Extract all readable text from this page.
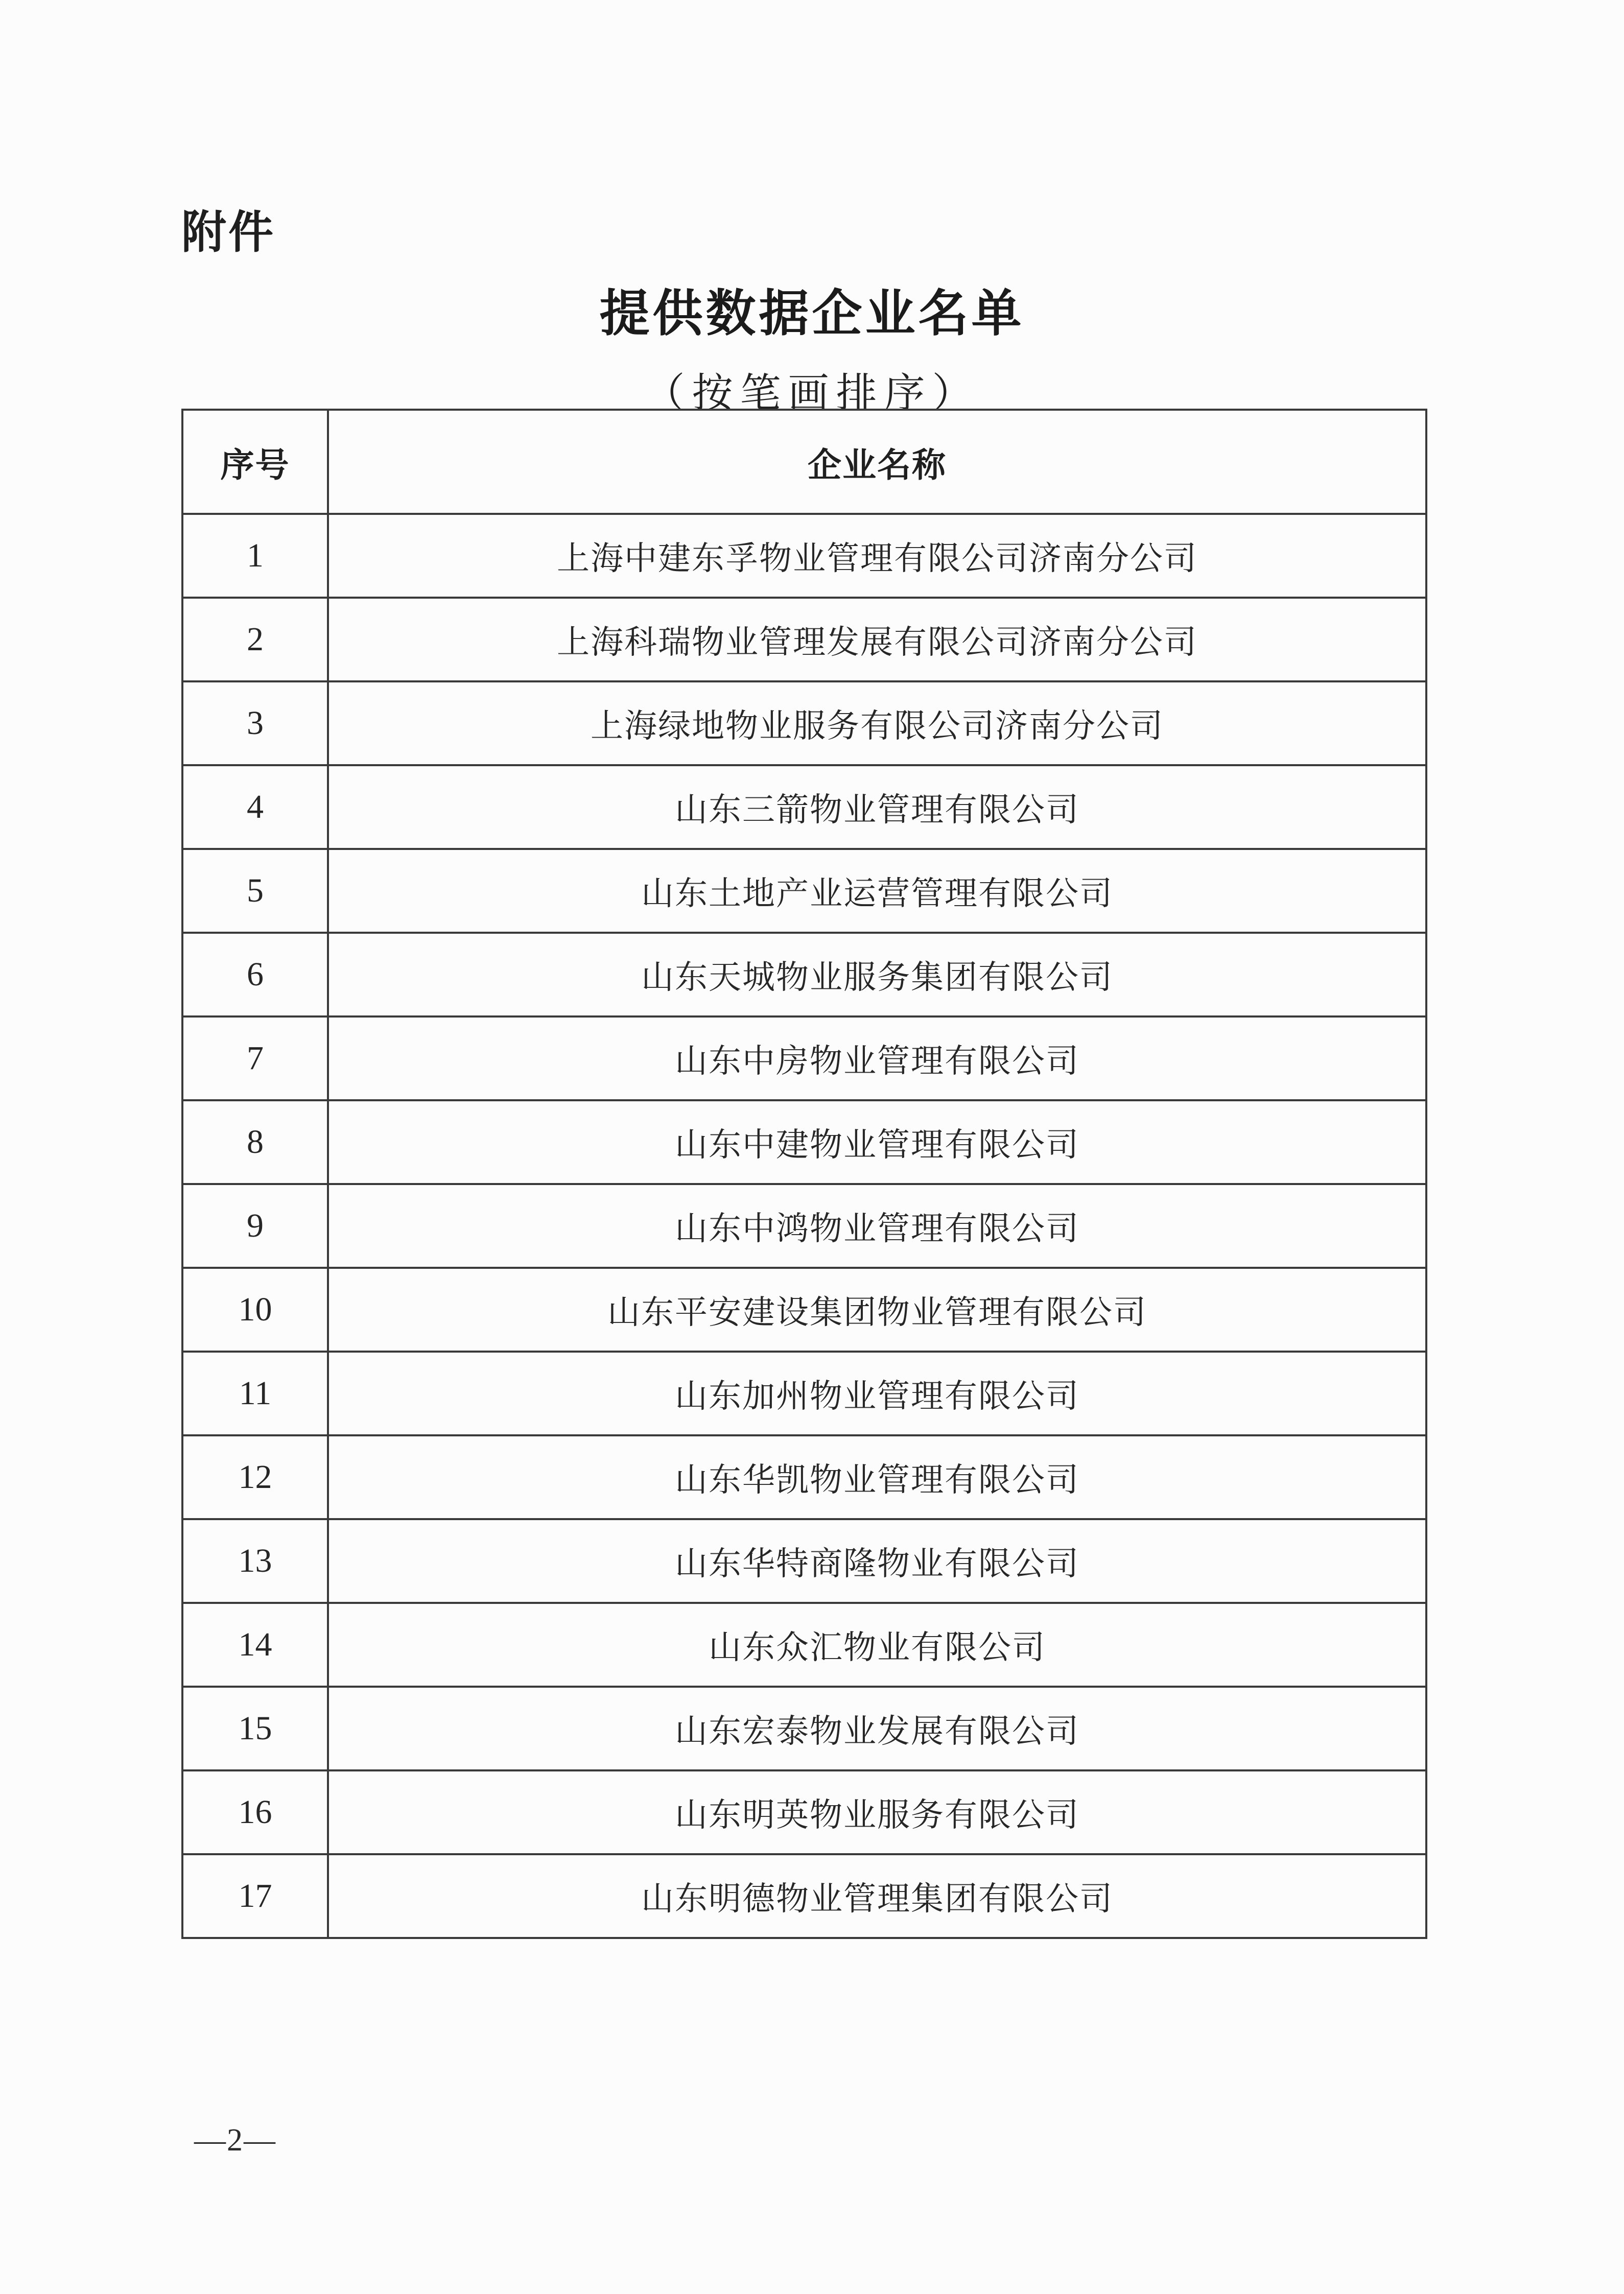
附件
提供数据企业名单
（按笔画排序）
序号	企业名称
1	上海中建东孚物业管理有限公司济南分公司
2	上海科瑞物业管理发展有限公司济南分公司
3	上海绿地物业服务有限公司济南分公司
4	山东三箭物业管理有限公司
5	山东土地产业运营管理有限公司
6	山东天城物业服务集团有限公司
7	山东中房物业管理有限公司
8	山东中建物业管理有限公司
9	山东中鸿物业管理有限公司
10	山东平安建设集团物业管理有限公司
11	山东加州物业管理有限公司
12	山东华凯物业管理有限公司
13	山东华特商隆物业有限公司
14	山东众汇物业有限公司
15	山东宏泰物业发展有限公司
16	山东明英物业服务有限公司
17	山东明德物业管理集团有限公司
—2—
